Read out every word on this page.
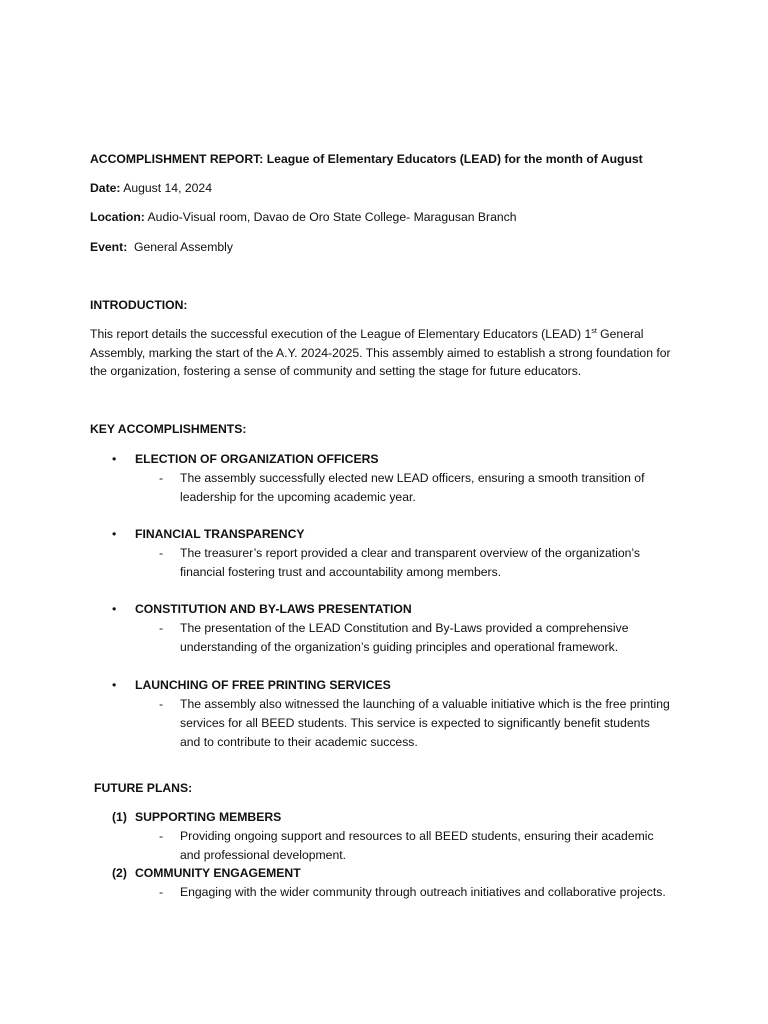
ACCOMPLISHMENT REPORT: League of Elementary Educators (LEAD) for the month of August
Date: August 14, 2024
Location: Audio-Visual room, Davao de Oro State College- Maragusan Branch
Event:  General Assembly
INTRODUCTION:
This report details the successful execution of the League of Elementary Educators (LEAD) 1st General Assembly, marking the start of the A.Y. 2024-2025. This assembly aimed to establish a strong foundation for the organization, fostering a sense of community and setting the stage for future educators.
KEY ACCOMPLISHMENTS:
• ELECTION OF ORGANIZATION OFFICERS
- The assembly successfully elected new LEAD officers, ensuring a smooth transition of leadership for the upcoming academic year.
• FINANCIAL TRANSPARENCY
- The treasurer’s report provided a clear and transparent overview of the organization’s financial fostering trust and accountability among members.
• CONSTITUTION AND BY-LAWS PRESENTATION
- The presentation of the LEAD Constitution and By-Laws provided a comprehensive understanding of the organization’s guiding principles and operational framework.
• LAUNCHING OF FREE PRINTING SERVICES
- The assembly also witnessed the launching of a valuable initiative which is the free printing services for all BEED students. This service is expected to significantly benefit students and to contribute to their academic success.
FUTURE PLANS:
(1) SUPPORTING MEMBERS
- Providing ongoing support and resources to all BEED students, ensuring their academic and professional development.
(2) COMMUNITY ENGAGEMENT
- Engaging with the wider community through outreach initiatives and collaborative projects.
